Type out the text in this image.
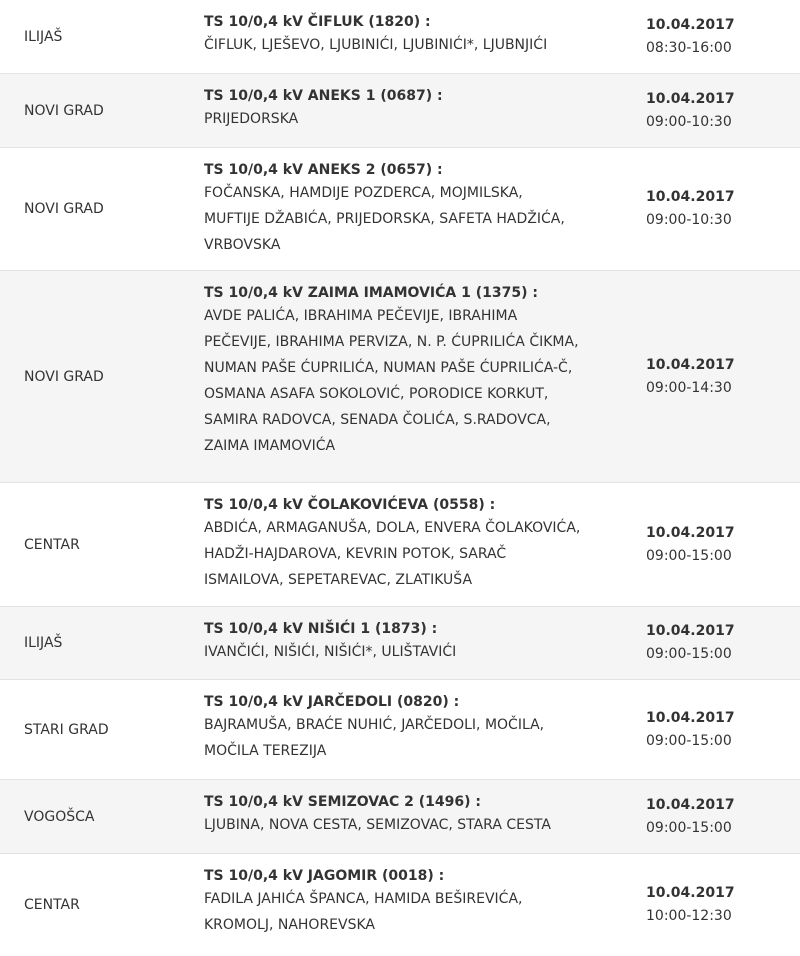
ILIJAŠ
TS 10/0,4 kV ČIFLUK (1820) :
ČIFLUK, LJEŠEVO, LJUBINIĆI, LJUBINIĆI*, LJUBNJIĆI
10.04.2017
08:30-16:00
NOVI GRAD
TS 10/0,4 kV ANEKS 1 (0687) :
PRIJEDORSKA
10.04.2017
09:00-10:30
NOVI GRAD
TS 10/0,4 kV ANEKS 2 (0657) :
FOČANSKA, HAMDIJE POZDERCA, MOJMILSKA,
MUFTIJE DŽABIĆA, PRIJEDORSKA, SAFETA HADŽIĆA,
VRBOVSKA
10.04.2017
09:00-10:30
NOVI GRAD
TS 10/0,4 kV ZAIMA IMAMOVIĆA 1 (1375) :
AVDE PALIĆA, IBRAHIMA PEČEVIJE, IBRAHIMA
PEČEVIJE, IBRAHIMA PERVIZA, N. P. ĆUPRILIĆA ČIKMA,
NUMAN PAŠE ĆUPRILIĆA, NUMAN PAŠE ĆUPRILIĆA-Č,
OSMANA ASAFA SOKOLOVIĆ, PORODICE KORKUT,
SAMIRA RADOVCA, SENADA ČOLIĆA, S.RADOVCA,
ZAIMA IMAMOVIĆA
10.04.2017
09:00-14:30
CENTAR
TS 10/0,4 kV ČOLAKOVIĆEVA (0558) :
ABDIĆA, ARMAGANUŠA, DOLA, ENVERA ČOLAKOVIĆA,
HADŽI-HAJDAROVA, KEVRIN POTOK, SARAČ
ISMAILOVA, SEPETAREVAC, ZLATIKUŠA
10.04.2017
09:00-15:00
ILIJAŠ
TS 10/0,4 kV NIŠIĆI 1 (1873) :
IVANČIĆI, NIŠIĆI, NIŠIĆI*, ULIŠTAVIĆI
10.04.2017
09:00-15:00
STARI GRAD
TS 10/0,4 kV JARČEDOLI (0820) :
BAJRAMUŠA, BRAĆE NUHIĆ, JARČEDOLI, MOČILA,
MOČILA TEREZIJA
10.04.2017
09:00-15:00
VOGOŠCA
TS 10/0,4 kV SEMIZOVAC 2 (1496) :
LJUBINA, NOVA CESTA, SEMIZOVAC, STARA CESTA
10.04.2017
09:00-15:00
CENTAR
TS 10/0,4 kV JAGOMIR (0018) :
FADILA JAHIĆA ŠPANCA, HAMIDA BEŠIREVIĆA,
KROMOLJ, NAHOREVSKA
10.04.2017
10:00-12:30
